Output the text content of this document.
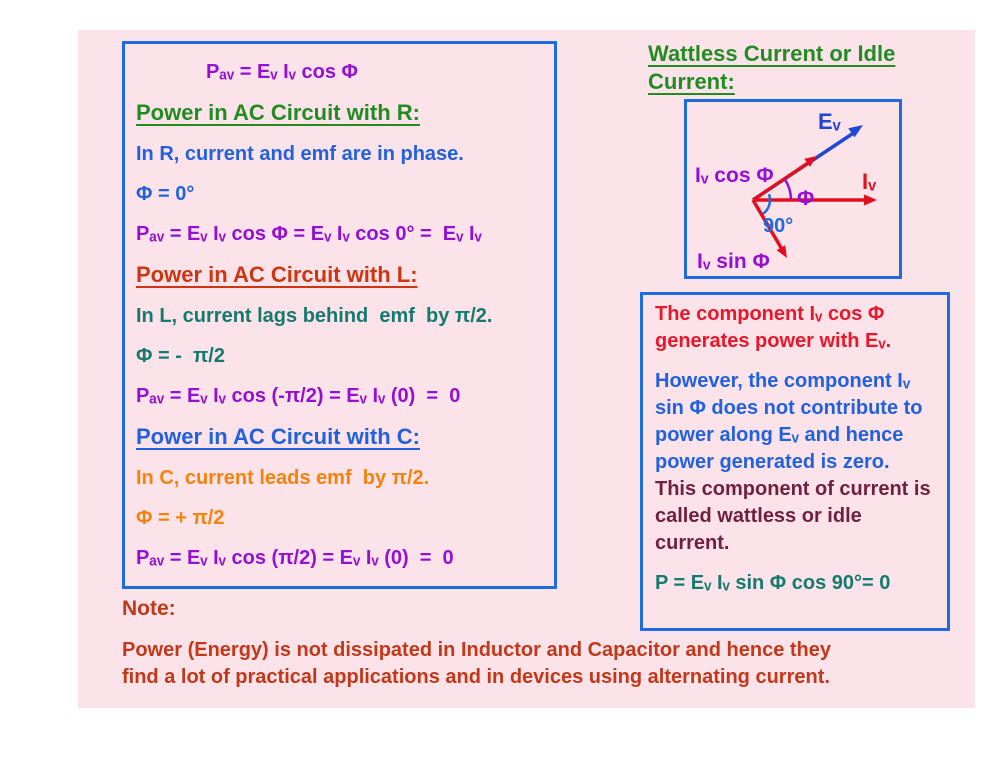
Pₐᵥ = Eᵥ Iᵥ cos Φ
Power in AC Circuit with R:
In R, current and emf are in phase.
Φ = 0°
Pₐᵥ = Eᵥ Iᵥ cos Φ = Eᵥ Iᵥ cos 0° =  Eᵥ Iᵥ
Power in AC Circuit with L:
In L, current lags behind  emf  by π/2.
Φ = -  π/2
Pₐᵥ = Eᵥ Iᵥ cos (-π/2) = Eᵥ Iᵥ (0)  =  0
Power in AC Circuit with C:
In C, current leads emf  by π/2.
Φ = + π/2
Pₐᵥ = Eᵥ Iᵥ cos (π/2) = Eᵥ Iᵥ (0)  =  0
Wattless Current or Idle Current:
Eᵥ
Iᵥ
Iᵥ cos Φ
Φ
90°
Iᵥ sin Φ

The component Iᵥ cos Φ generates power with Eᵥ.

However, the component Iᵥ sin Φ does not contribute to power along Eᵥ and hence power generated is zero.  This component of current is called wattless or idle current.

P = Eᵥ Iᵥ sin Φ cos 90°= 0

Note:
Power (Energy) is not dissipated in Inductor and Capacitor and hence they
find a lot of practical applications and in devices using alternating current.
